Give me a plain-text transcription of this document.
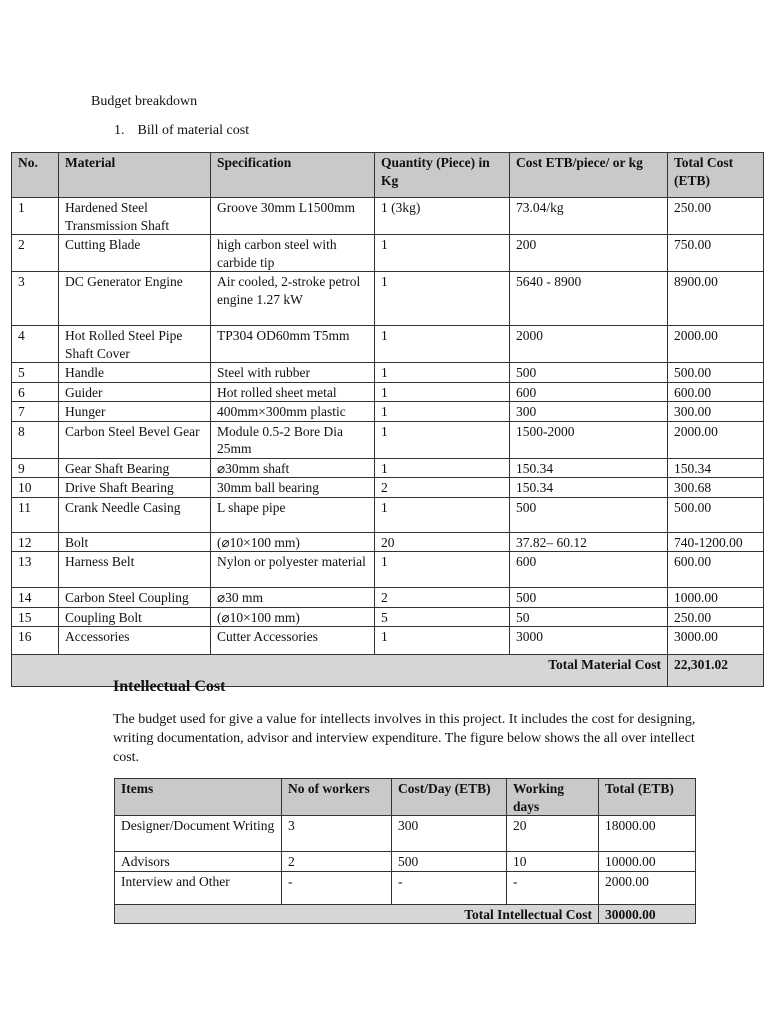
Budget breakdown
1. Bill of material cost
No.	Material	Specification	Quantity (Piece) in Kg	Cost ETB/piece/ or kg	Total Cost (ETB)
1	Hardened Steel Transmission Shaft	Groove 30mm L1500mm	1 (3kg)	73.04/kg	250.00
2	Cutting Blade	high carbon steel with carbide tip	1	200	750.00
3	DC Generator Engine	Air cooled, 2-stroke petrol engine 1.27 kW	1	5640 - 8900	8900.00
4	Hot Rolled Steel Pipe Shaft Cover	TP304 OD60mm T5mm	1	2000	2000.00
5	Handle	Steel with rubber	1	500	500.00
6	Guider	Hot rolled sheet metal	1	600	600.00
7	Hunger	400mm×300mm plastic	1	300	300.00
8	Carbon Steel Bevel Gear	Module 0.5-2 Bore Dia 25mm	1	1500-2000	2000.00
9	Gear Shaft Bearing	⌀30mm shaft	1	150.34	150.34
10	Drive Shaft Bearing	30mm ball bearing	2	150.34	300.68
11	Crank Needle Casing	L shape pipe	1	500	500.00
12	Bolt	(⌀10×100 mm)	20	37.82– 60.12	740-1200.00
13	Harness Belt	Nylon or polyester material	1	600	600.00
14	Carbon Steel Coupling	⌀30 mm	2	500	1000.00
15	Coupling Bolt	(⌀10×100 mm)	5	50	250.00
16	Accessories	Cutter Accessories	1	3000	3000.00
Total Material Cost					22,301.02
Intellectual Cost
The budget used for give a value for intellects involves in this project. It includes the cost for designing, writing documentation, advisor and interview expenditure. The figure below shows the all over intellect cost.
Items	No of workers	Cost/Day (ETB)	Working days	Total (ETB)
Designer/Document Writing	3	300	20	18000.00
Advisors	2	500	10	10000.00
Interview and Other	-	-	-	2000.00
Total Intellectual Cost				30000.00
